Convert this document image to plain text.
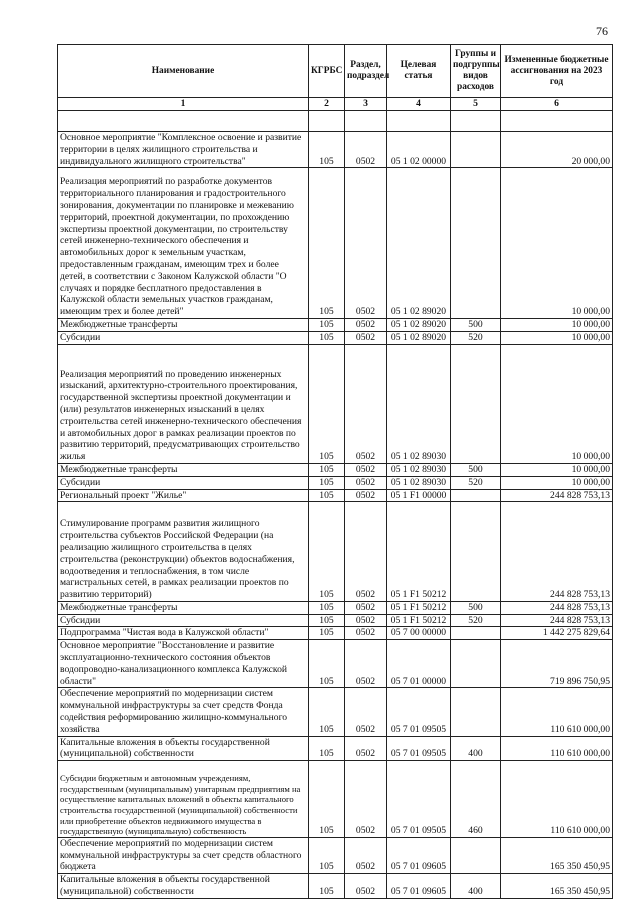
76
Наименование	КГРБС	Раздел, подраздел	Целевая статья	Группы и подгруппы видов расходов	Измененные бюджетные ассигнования на 2023 год
1	2	3	4	5	6

Основное мероприятие "Комплексное освоение и развитие территории в целях жилищного строительства и индивидуального жилищного строительства"	105	0502	05 1 02 00000		20 000,00
Реализация мероприятий по разработке документов территориального планирования и градостроительного зонирования, документации по планировке и межеванию территорий, проектной документации, по прохождению экспертизы проектной документации, по строительству сетей инженерно-технического обеспечения и автомобильных дорог к земельным участкам, предоставленным гражданам, имеющим трех и более детей, в соответствии с Законом Калужской области "О случаях и порядке бесплатного предоставления в Калужской области земельных участков гражданам, имеющим трех и более детей"	105	0502	05 1 02 89020		10 000,00
Межбюджетные трансферты	105	0502	05 1 02 89020	500	10 000,00
Субсидии	105	0502	05 1 02 89020	520	10 000,00
Реализация мероприятий по проведению инженерных изысканий, архитектурно-строительного проектирования, государственной экспертизы проектной документации и (или) результатов инженерных изысканий в целях строительства сетей инженерно-технического обеспечения и автомобильных дорог в рамках реализации проектов по развитию территорий, предусматривающих строительство жилья	105	0502	05 1 02 89030		10 000,00
Межбюджетные трансферты	105	0502	05 1 02 89030	500	10 000,00
Субсидии	105	0502	05 1 02 89030	520	10 000,00
Региональный проект "Жилье"	105	0502	05 1 F1 00000		244 828 753,13
Стимулирование программ развития жилищного строительства субъектов Российской Федерации (на реализацию жилищного строительства в целях строительства (реконструкции) объектов водоснабжения, водоотведения и теплоснабжения, в том числе магистральных сетей, в рамках реализации проектов по развитию территорий)	105	0502	05 1 F1 50212		244 828 753,13
Межбюджетные трансферты	105	0502	05 1 F1 50212	500	244 828 753,13
Субсидии	105	0502	05 1 F1 50212	520	244 828 753,13
Подпрограмма "Чистая вода в Калужской области"	105	0502	05 7 00 00000		1 442 275 829,64
Основное мероприятие "Восстановление и развитие эксплуатационно-технического состояния объектов водопроводно-канализационного комплекса Калужской области"	105	0502	05 7 01 00000		719 896 750,95
Обеспечение мероприятий по модернизации систем коммунальной инфраструктуры за счет средств Фонда содействия реформированию жилищно-коммунального хозяйства	105	0502	05 7 01 09505		110 610 000,00
Капитальные вложения в объекты государственной (муниципальной) собственности	105	0502	05 7 01 09505	400	110 610 000,00
Субсидии бюджетным и автономным учреждениям, государственным (муниципальным) унитарным предприятиям на осуществление капитальных вложений в объекты капитального строительства государственной (муниципальной) собственности или приобретение объектов недвижимого имущества в государственную (муниципальную) собственность	105	0502	05 7 01 09505	460	110 610 000,00
Обеспечение мероприятий по модернизации систем коммунальной инфраструктуры за счет средств областного бюджета	105	0502	05 7 01 09605		165 350 450,95
Капитальные вложения в объекты государственной (муниципальной) собственности	105	0502	05 7 01 09605	400	165 350 450,95
